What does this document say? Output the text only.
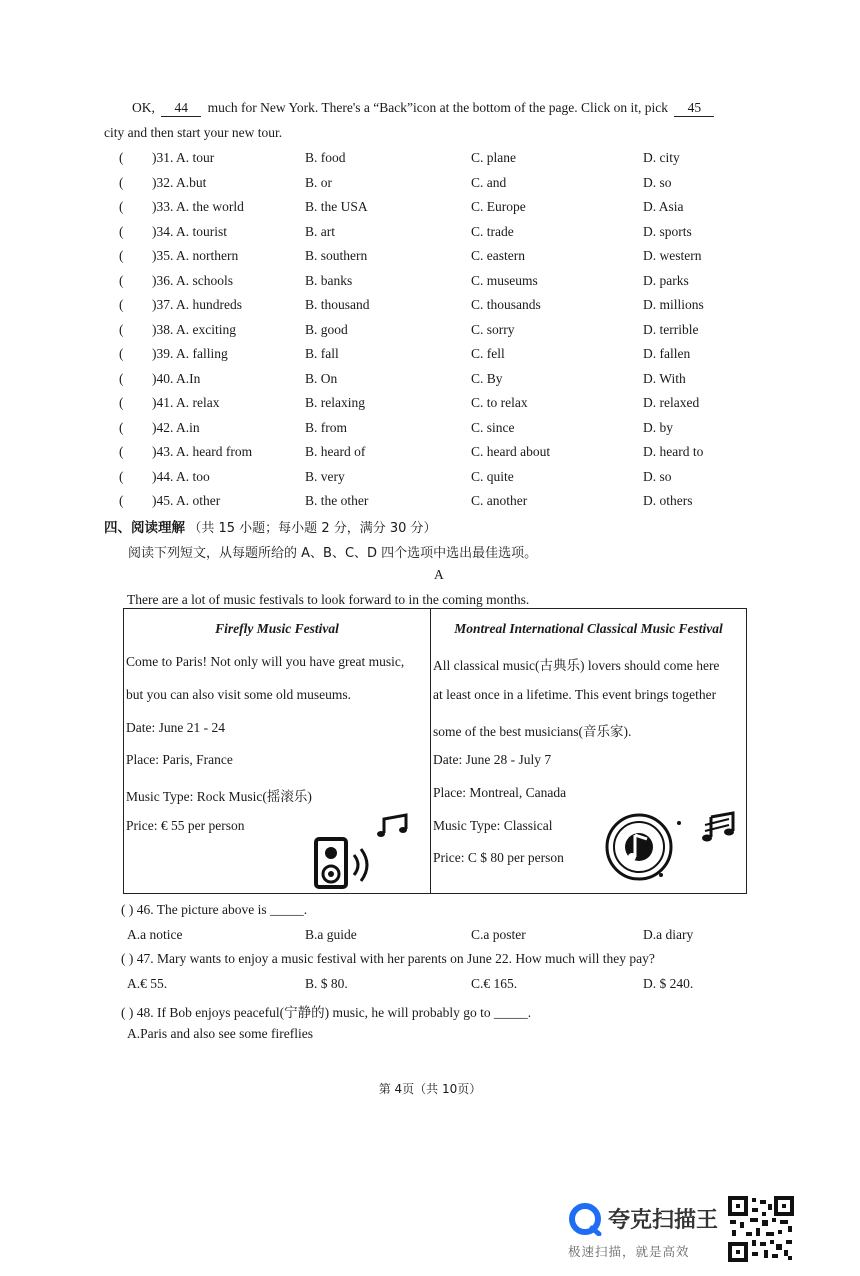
OK, 44 much for New York. There's a “Back”icon at the bottom of the page. Click on it, pick 45
city and then start your new tour.
( )31. A. tour	B. food	C. plane	D. city
( )32. A.but	B. or	C. and	D. so
( )33. A. the world	B. the USA	C. Europe	D. Asia
( )34. A. tourist	B. art	C. trade	D. sports
( )35. A. northern	B. southern	C. eastern	D. western
( )36. A. schools	B. banks	C. museums	D. parks
( )37. A. hundreds	B. thousand	C. thousands	D. millions
( )38. A. exciting	B. good	C. sorry	D. terrible
( )39. A. falling	B. fall	C. fell	D. fallen
( )40. A.In	B. On	C. By	D. With
( )41. A. relax	B. relaxing	C. to relax	D. relaxed
( )42. A.in	B. from	C. since	D. by
( )43. A. heard from	B. heard of	C. heard about	D. heard to
( )44. A. too	B. very	C. quite	D. so
( )45. A. other	B. the other	C. another	D. others
四、阅读理解 （共 15 小题；每小题 2 分，满分 30 分）
阅读下列短文，从每题所给的 A、B、C、D 四个选项中选出最佳选项。
A
There are a lot of music festivals to look forward to in the coming months.
Firefly Music Festival
Come to Paris! Not only will you have great music,
but you can also visit some old museums.
Date: June 21 - 24
Place: Paris, France
Music Type: Rock Music(摇滚乐)
Price: € 55 per person

Montreal International Classical Music Festival
All classical music(古典乐) lovers should come here
at least once in a lifetime. This event brings together
some of the best musicians(音乐家).
Date: June 28 - July 7
Place: Montreal, Canada
Music Type: Classical
Price: C $ 80 per person
( ) 46. The picture above is _____.
A.a notice	B.a guide	C.a poster	D.a diary
( ) 47. Mary wants to enjoy a music festival with her parents on June 22. How much will they pay?
A.€ 55.	B. $ 80.	C.€ 165.	D. $ 240.
( ) 48. If Bob enjoys peaceful(宁静的) music, he will probably go to _____.
A.Paris and also see some fireflies
第 4页（共 10页）
夸克扫描王
极速扫描，就是高效
